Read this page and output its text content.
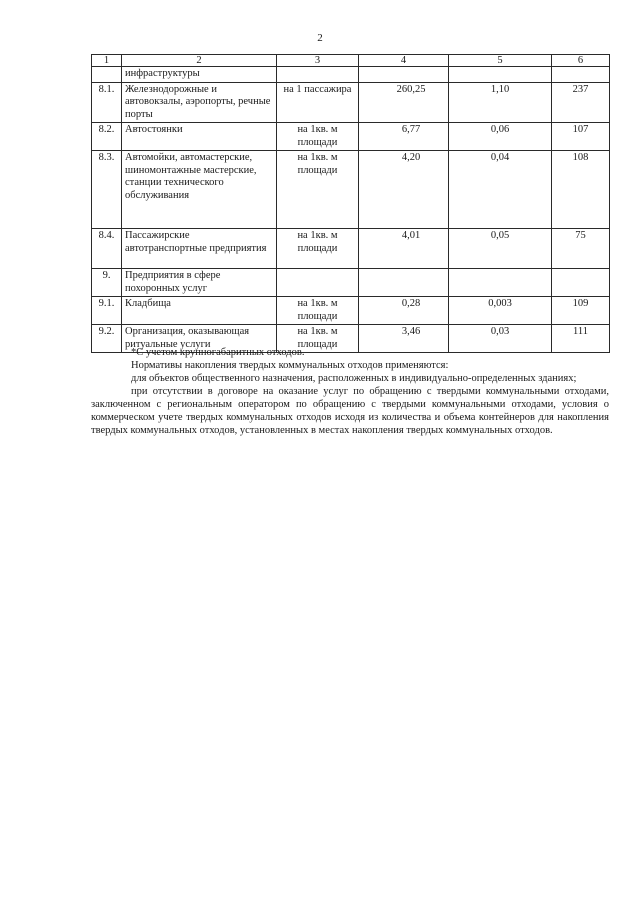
2
1	2	3	4	5	6
	инфраструктуры				
8.1.	Железнодорожные и автовокзалы, аэропорты, речные порты	на 1 пассажира	260,25	1,10	237
8.2.	Автостоянки	на 1кв. м площади	6,77	0,06	107
8.3.	Автомойки, автомастерские, шиномонтажные мастерские, станции технического обслуживания	на 1кв. м площади	4,20	0,04	108
8.4.	Пассажирские автотранспортные предприятия	на 1кв. м площади	4,01	0,05	75
9.	Предприятия в сфере похоронных услуг				
9.1.	Кладбища	на 1кв. м площади	0,28	0,003	109
9.2.	Организация, оказывающая ритуальные услуги	на 1кв. м площади	3,46	0,03	111

*С учетом крупногабаритных отходов.

Нормативы накопления твердых коммунальных отходов применяются:

для объектов общественного назначения, расположенных в индивидуально-определенных зданиях;

при отсутствии в договоре на оказание услуг по обращению с твердыми коммунальными отходами, заключенном с региональным оператором по обращению с твердыми коммунальными отходами, условия о коммерческом учете твердых коммунальных отходов исходя из количества и объема контейнеров для накопления твердых коммунальных отходов, установленных в местах накопления твердых коммунальных отходов.
